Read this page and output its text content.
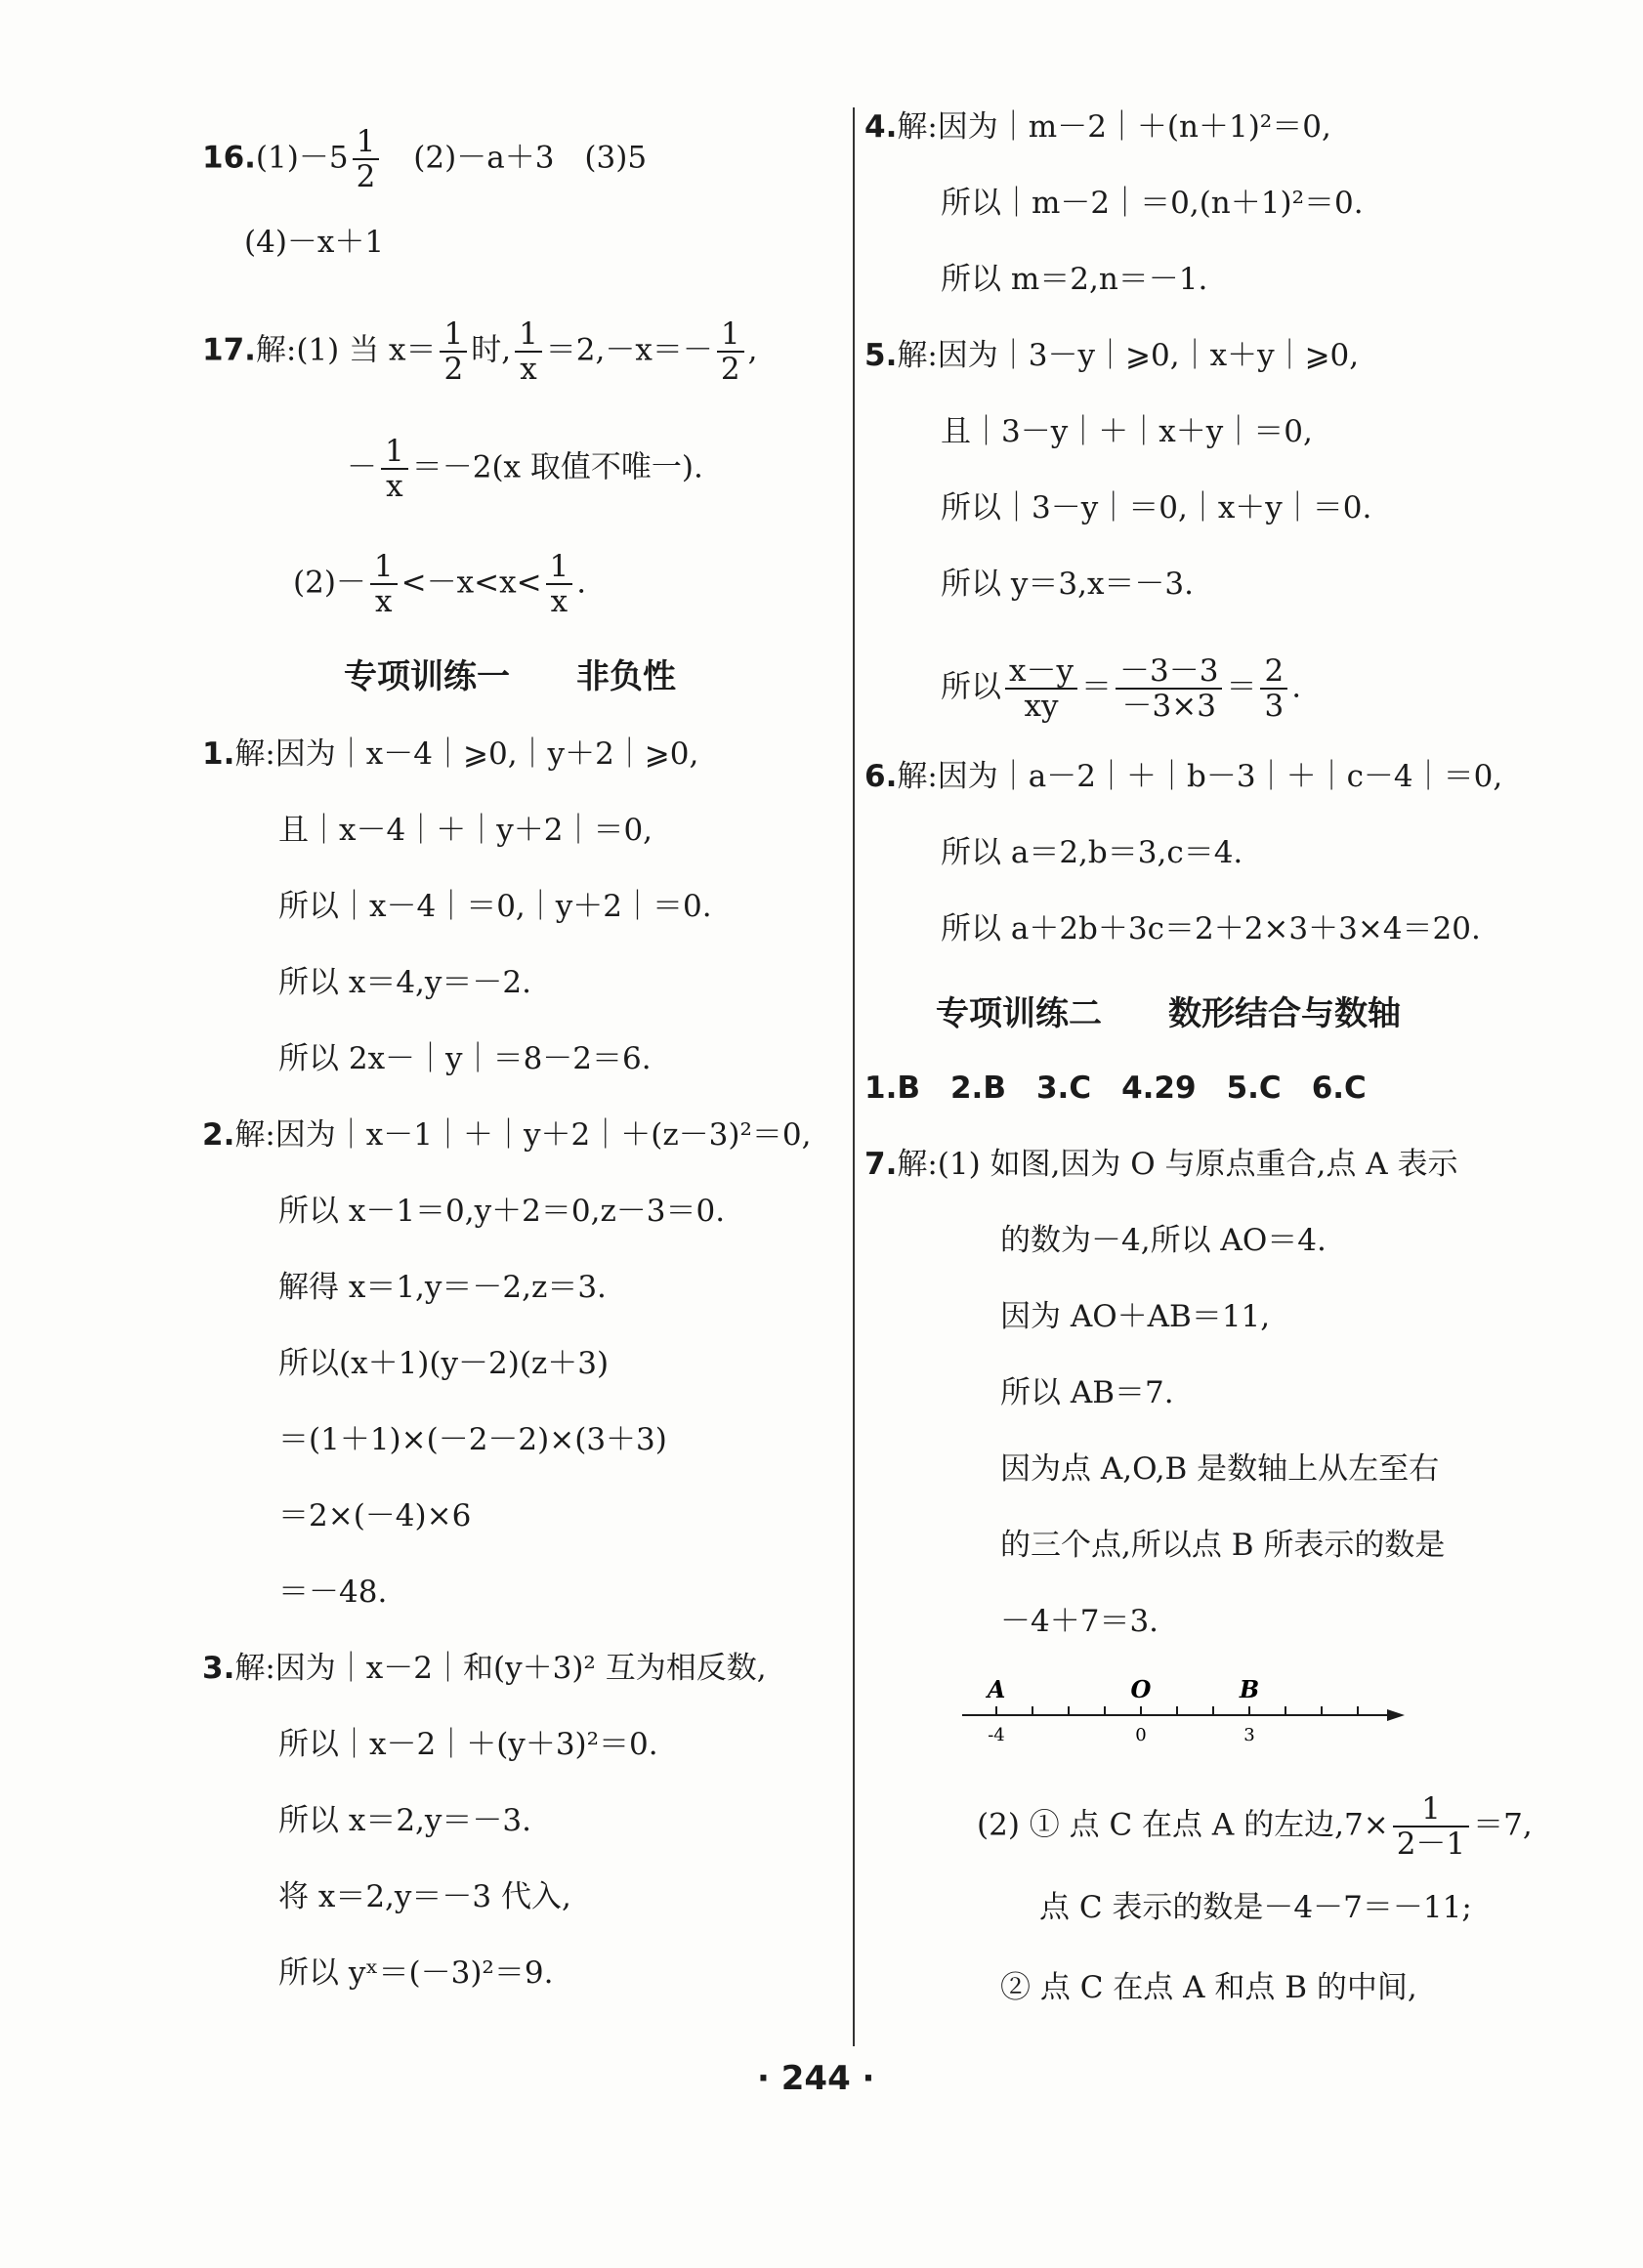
$16.(1)-5 \frac{1}{2}$
　 (2)－a＋3　(3)5
(4)－x＋1
17.解:(1) 当 $x= \frac{1}{2}$ 时, $\frac{1}{x} =2,-x=- \frac{1}{2}$ ,
－ $\frac{1}{x} =-2(x$ 取值不唯一).
$(2)- \frac{1}{x} <-x<x< \frac{1}{x}$ .
专项训练一　　非负性
1.解:因为｜x－4｜⩾0,｜y＋2｜⩾0,
且｜x－4｜＋｜y＋2｜＝0,
所以｜x－4｜＝0,｜y＋2｜＝0.
所以 x＝4,y＝－2.
所以 2x－｜y｜＝8－2＝6.
2.解:因为｜x－1｜＋｜y＋2｜＋(z－3)²＝0,
所以 x－1＝0,y＋2＝0,z－3＝0.
解得 x＝1,y＝－2,z＝3.
所以(x＋1)(y－2)(z＋3)
＝(1＋1)×(－2－2)×(3＋3)
＝2×(－4)×6
＝－48.
3.解:因为｜x－2｜和(y＋3)² 互为相反数,
所以｜x－2｜＋(y＋3)²＝0.
所以 x＝2,y＝－3.
将 x＝2,y＝－3 代入,
所以 yˣ＝(－3)²＝9.
4.解:因为｜m－2｜＋(n＋1)²＝0,
所以｜m－2｜＝0,(n＋1)²＝0.
所以 m＝2,n＝－1.
5.解:因为｜3－y｜⩾0,｜x＋y｜⩾0,
且｜3－y｜＋｜x＋y｜＝0,
所以｜3－y｜＝0,｜x＋y｜＝0.
所以 y＝3,x＝－3.
所以 $\frac{x-y}{xy} = \frac{-3-3}{-3\times 3} = \frac{2}{3}$ .
6.解:因为｜a－2｜＋｜b－3｜＋｜c－4｜＝0,
所以 a＝2,b＝3,c＝4.
所以 a＋2b＋3c＝2＋2×3＋3×4＝20.
专项训练二　　数形结合与数轴
1.B　 2.B　 3.C　 4.29　 5.C　 6.C
7.解:(1) 如图,因为 O 与原点重合,点 A 表示
的数为－4,所以 AO＝4.
因为 AO＋AB＝11,
所以 AB＝7.
因为点 A,O,B 是数轴上从左至右
的三个点,所以点 B 所表示的数是
－4＋7＝3.
A	O	B
-4	0	3
(2) ① 点 C 在点 A 的左边$,7\times \frac{1}{2-1} =7$,
点 C 表示的数是－4－7＝－11;
② 点 C 在点 A 和点 B 的中间,
· 244 ·
